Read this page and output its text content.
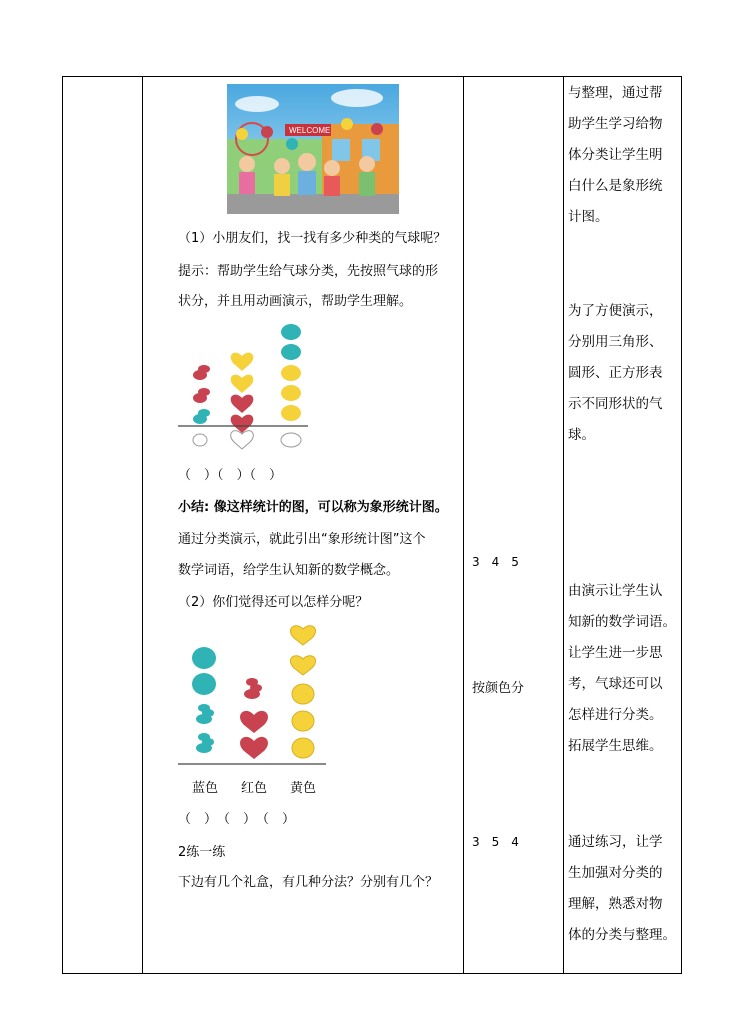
WELCOME
（1）小朋友们，找一找有多少种类的气球呢？
提示：帮助学生给气球分类，先按照气球的形
状分，并且用动画演示，帮助学生理解。
（　）（　）（　）
小结: 像这样统计的图，可以称为象形统计图。
通过分类演示，就此引出“象形统计图”这个
数学词语，给学生认知新的数学概念。
（2）你们觉得还可以怎样分呢？
蓝色 红色 黄色
（　）　（　）　（　）
2练一练
下边有几个礼盒，有几种分法？分别有几个？
3　4　5
按颜色分
3　5　4

与整理，通过帮

助学生学习给物

体分类让学生明

白什么是象形统

计图。

为了方便演示，

分别用三角形、

圆形、正方形表

示不同形状的气

球。

由演示让学生认

知新的数学词语。

让学生进一步思

考，气球还可以

怎样进行分类。

拓展学生思维。

通过练习，让学

生加强对分类的

理解，熟悉对物

体的分类与整理。
